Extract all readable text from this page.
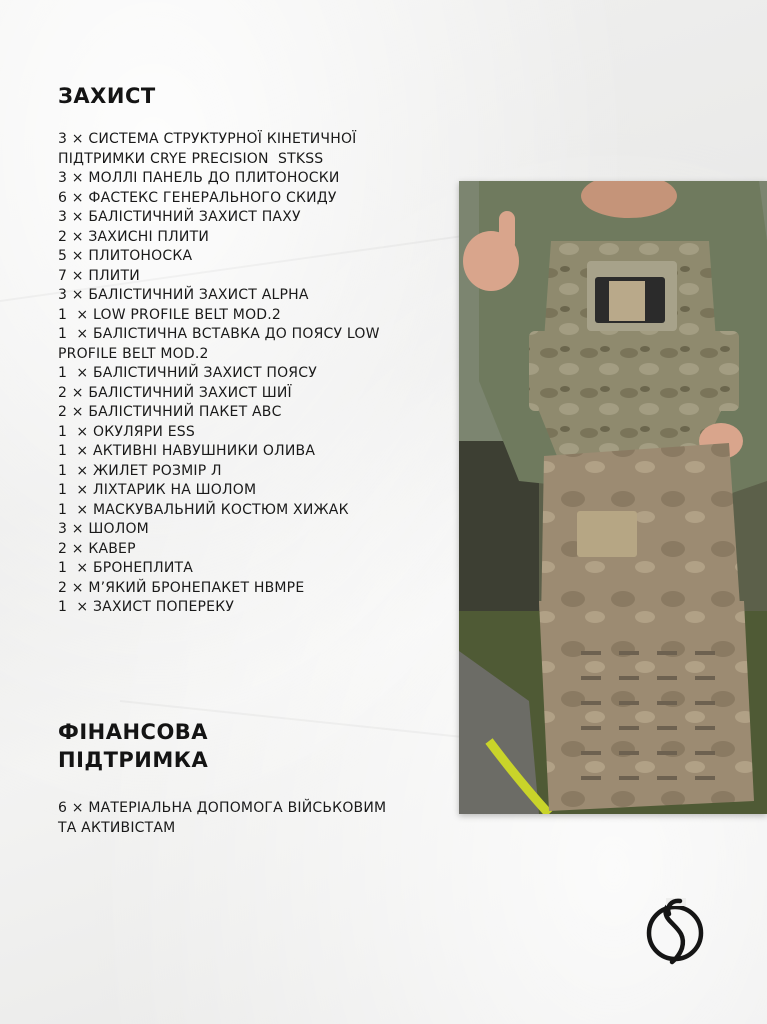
ЗАХИСТ
3 × СИСТЕМА СТРУКТУРНОЇ КІНЕТИЧНОЇ ПІДТРИМКИ CRYE PRECISION  STKSS
3 × МОЛЛІ ПАНЕЛЬ ДО ПЛИТОНОСКИ
6 × ФАСТЕКС ГЕНЕРАЛЬНОГО СКИДУ
3 × БАЛІСТИЧНИЙ ЗАХИСТ ПАХУ
2 × ЗАХИСНІ ПЛИТИ
5 × ПЛИТОНОСКА
7 × ПЛИТИ
3 × БАЛІСТИЧНИЙ ЗАХИСТ ALPHA
1  × LOW PROFILE BELT MOD.2
1  × БАЛІСТИЧНА ВСТАВКА ДО ПОЯСУ LOW PROFILE BELT MOD.2
1  × БАЛІСТИЧНИЙ ЗАХИСТ ПОЯСУ
2 × БАЛІСТИЧНИЙ ЗАХИСТ ШИЇ
2 × БАЛІСТИЧНИЙ ПАКЕТ АВС
1  × ОКУЛЯРИ ESS
1  × АКТИВНІ НАВУШНИКИ ОЛИВА
1  × ЖИЛЕТ РОЗМІР Л
1  × ЛІХТАРИК НА ШОЛОМ
1  × МАСКУВАЛЬНИЙ КОСТЮМ ХИЖАК
3 × ШОЛОМ
2 × КАВЕР
1  × БРОНЕПЛИТА
2 × М’ЯКИЙ БРОНЕПАКЕТ НВМРЕ
1  × ЗАХИСТ ПОПЕРЕКУ
ФІНАНСОВА ПІДТРИМКА
6 × МАТЕРІАЛЬНА ДОПОМОГА ВІЙСЬКОВИМ ТА АКТИВІСТАМ
